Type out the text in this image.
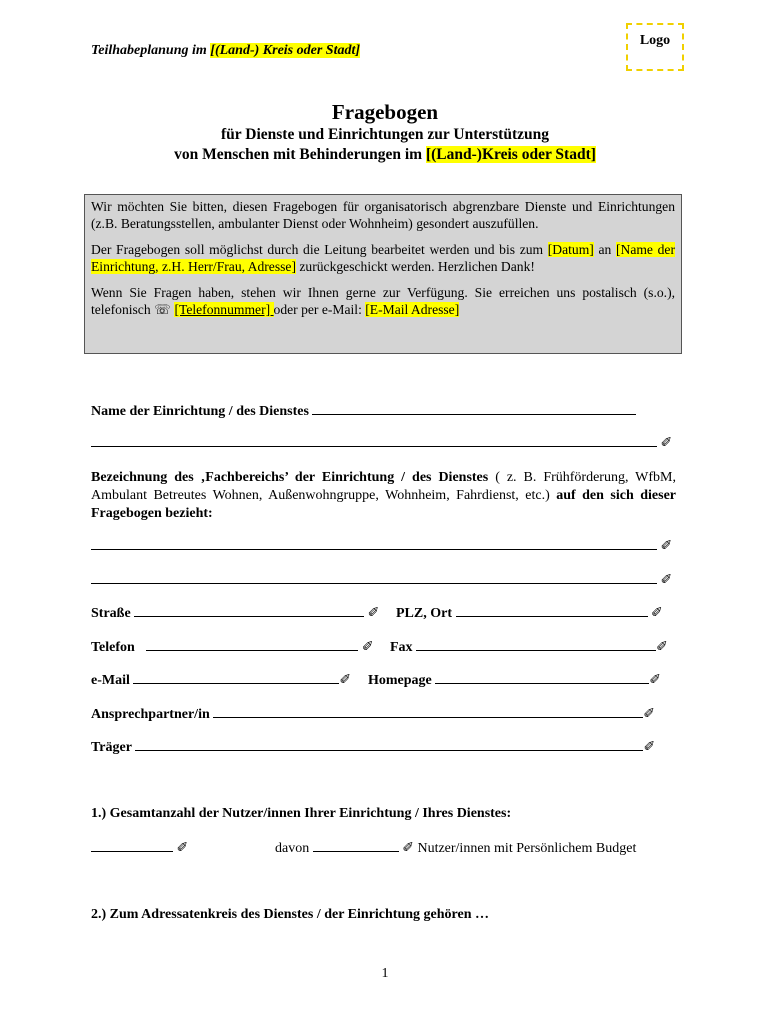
Teilhabeplanung im [(Land-) Kreis oder Stadt]
Logo
Fragebogen
für Dienste und Einrichtungen zur Unterstützung
von Menschen mit Behinderungen im [(Land-)Kreis oder Stadt]

Wir möchten Sie bitten, diesen Fragebogen für organisatorisch abgrenzbare Dienste und Einrichtungen (z.B. Beratungsstellen, ambulanter Dienst oder Wohnheim) gesondert auszufüllen.

Der Fragebogen soll möglichst durch die Leitung bearbeitet werden und bis zum [Datum] an [Name der Einrichtung, z.H. Herr/Frau, Adresse] zurückgeschickt werden. Herzlichen Dank!

Wenn Sie Fragen haben, stehen wir Ihnen gerne zur Verfügung. Sie erreichen uns postalisch (s.o.), telefonisch ☏ [Telefonnummer] oder per e-Mail: [E-Mail Adresse]

Name der Einrichtung / des Dienstes
✐
Bezeichnung des ‚Fachbereichs’ der Einrichtung / des Dienstes ( z. B. Frühförderung, WfbM, Ambulant Betreutes Wohnen, Außenwohngruppe, Wohnheim, Fahrdienst, etc.) auf den sich dieser Fragebogen bezieht:
✐
✐
Straße	✐ PLZ, Ort	✐
Telefon	✐ Fax	✐
e-Mail	✐ Homepage	✐
Ansprechpartner/in	✐
Träger	✐
1.) Gesamtanzahl der Nutzer/innen Ihrer Einrichtung / Ihres Dienstes:
✐	davon	✐ Nutzer/innen mit Persönlichem Budget
2.) Zum Adressatenkreis des Dienstes / der Einrichtung gehören …
1
